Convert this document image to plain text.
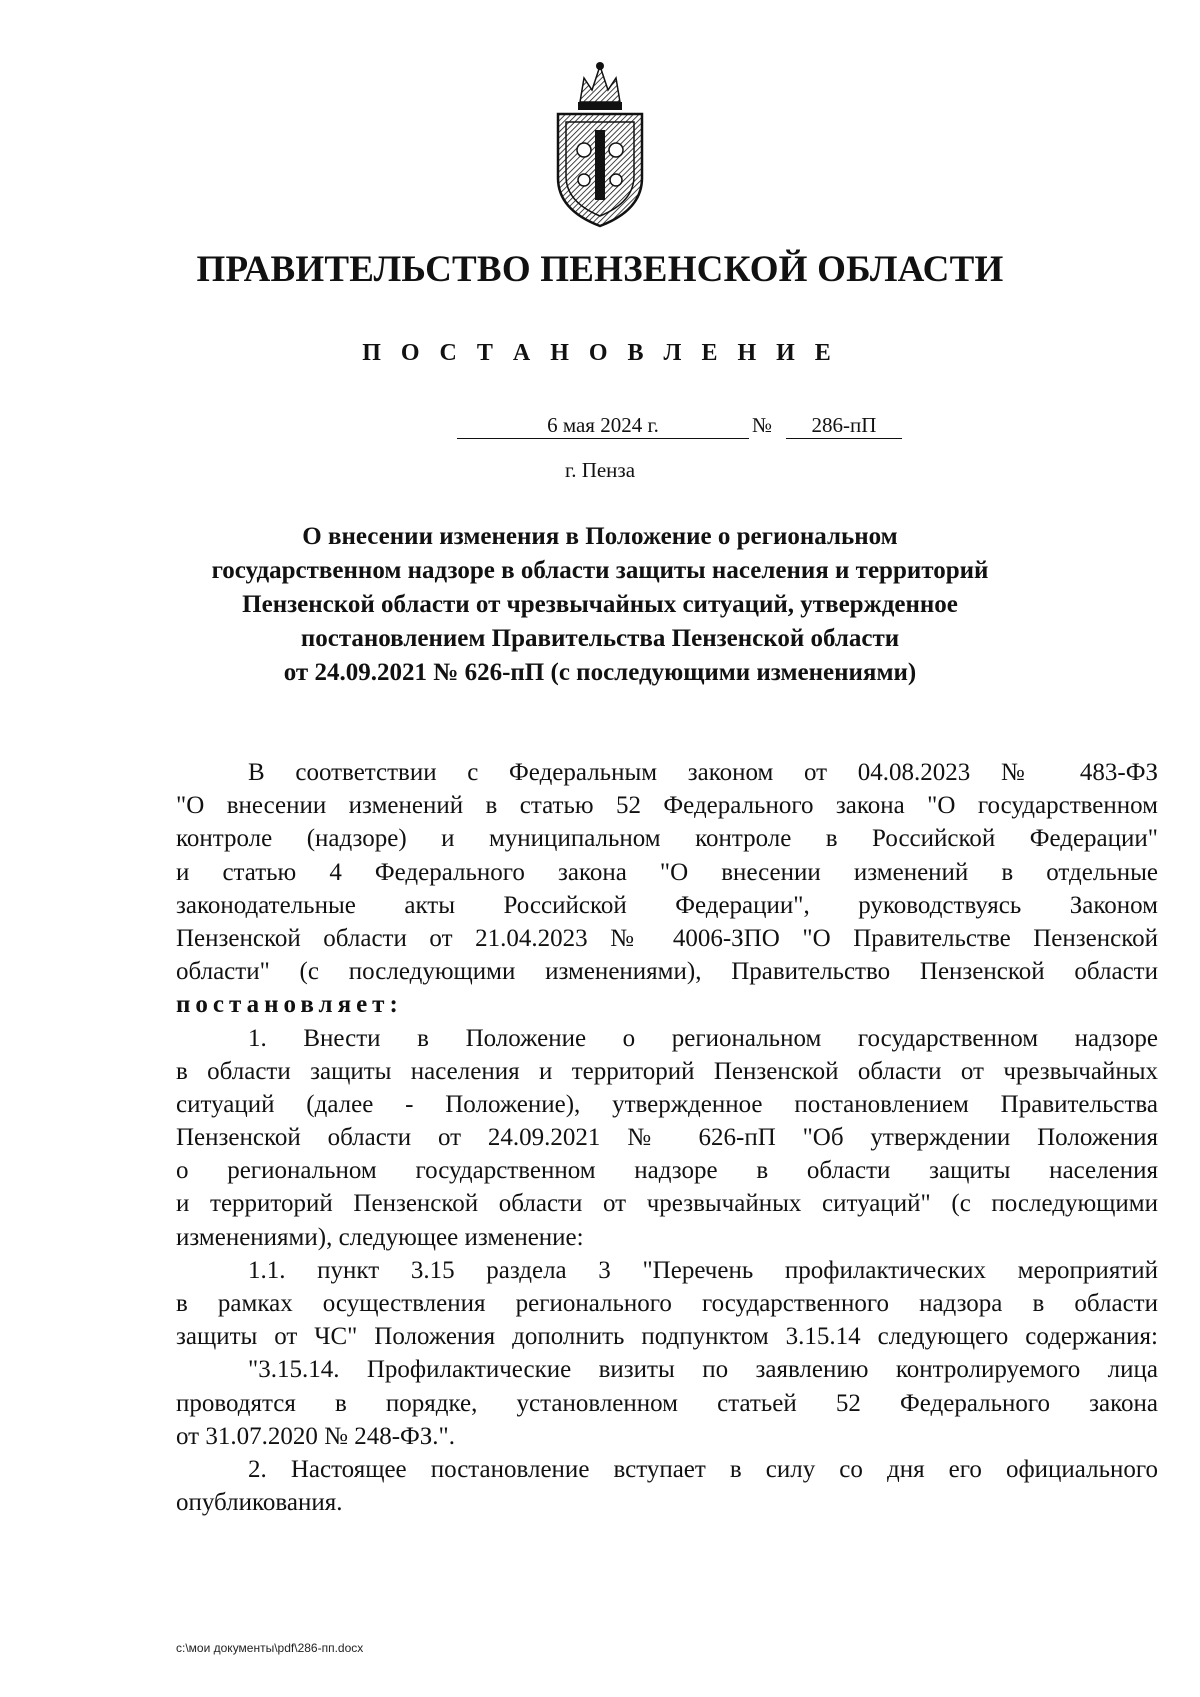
ПРАВИТЕЛЬСТВО ПЕНЗЕНСКОЙ ОБЛАСТИ
П О С Т А Н О В Л Е Н И Е
6 мая 2024 г.	№	286-пП
г. Пенза
О внесении изменения в Положение о региональном
государственном надзоре в области защиты населения и территорий
Пензенской области от чрезвычайных ситуаций, утвержденное
постановлением Правительства Пензенской области
от 24.09.2021 № 626-пП (с последующими изменениями)
В соответствии с Федеральным законом от 04.08.2023 № 483-ФЗ
"О внесении изменений в статью 52 Федерального закона "О государственном
контроле (надзоре) и муниципальном контроле в Российской Федерации"
и статью 4 Федерального закона "О внесении изменений в отдельные
законодательные акты Российской Федерации", руководствуясь Законом
Пензенской области от 21.04.2023 № 4006-ЗПО "О Правительстве Пензенской
области" (с последующими изменениями), Правительство Пензенской области
постановляет:
1. Внести в Положение о региональном государственном надзоре
в области защиты населения и территорий Пензенской области от чрезвычайных
ситуаций (далее - Положение), утвержденное постановлением Правительства
Пензенской области от 24.09.2021 № 626-пП "Об утверждении Положения
о региональном государственном надзоре в области защиты населения
и территорий Пензенской области от чрезвычайных ситуаций" (с последующими
изменениями), следующее изменение:
1.1. пункт 3.15 раздела 3 "Перечень профилактических мероприятий
в рамках осуществления регионального государственного надзора в области
защиты от ЧС" Положения дополнить подпунктом 3.15.14 следующего содержания:
"3.15.14. Профилактические визиты по заявлению контролируемого лица
проводятся в порядке, установленном статьей 52 Федерального закона
от 31.07.2020 № 248-ФЗ.".
2. Настоящее постановление вступает в силу со дня его официального
опубликования.
c:\мои документы\pdf\286-пп.docx
